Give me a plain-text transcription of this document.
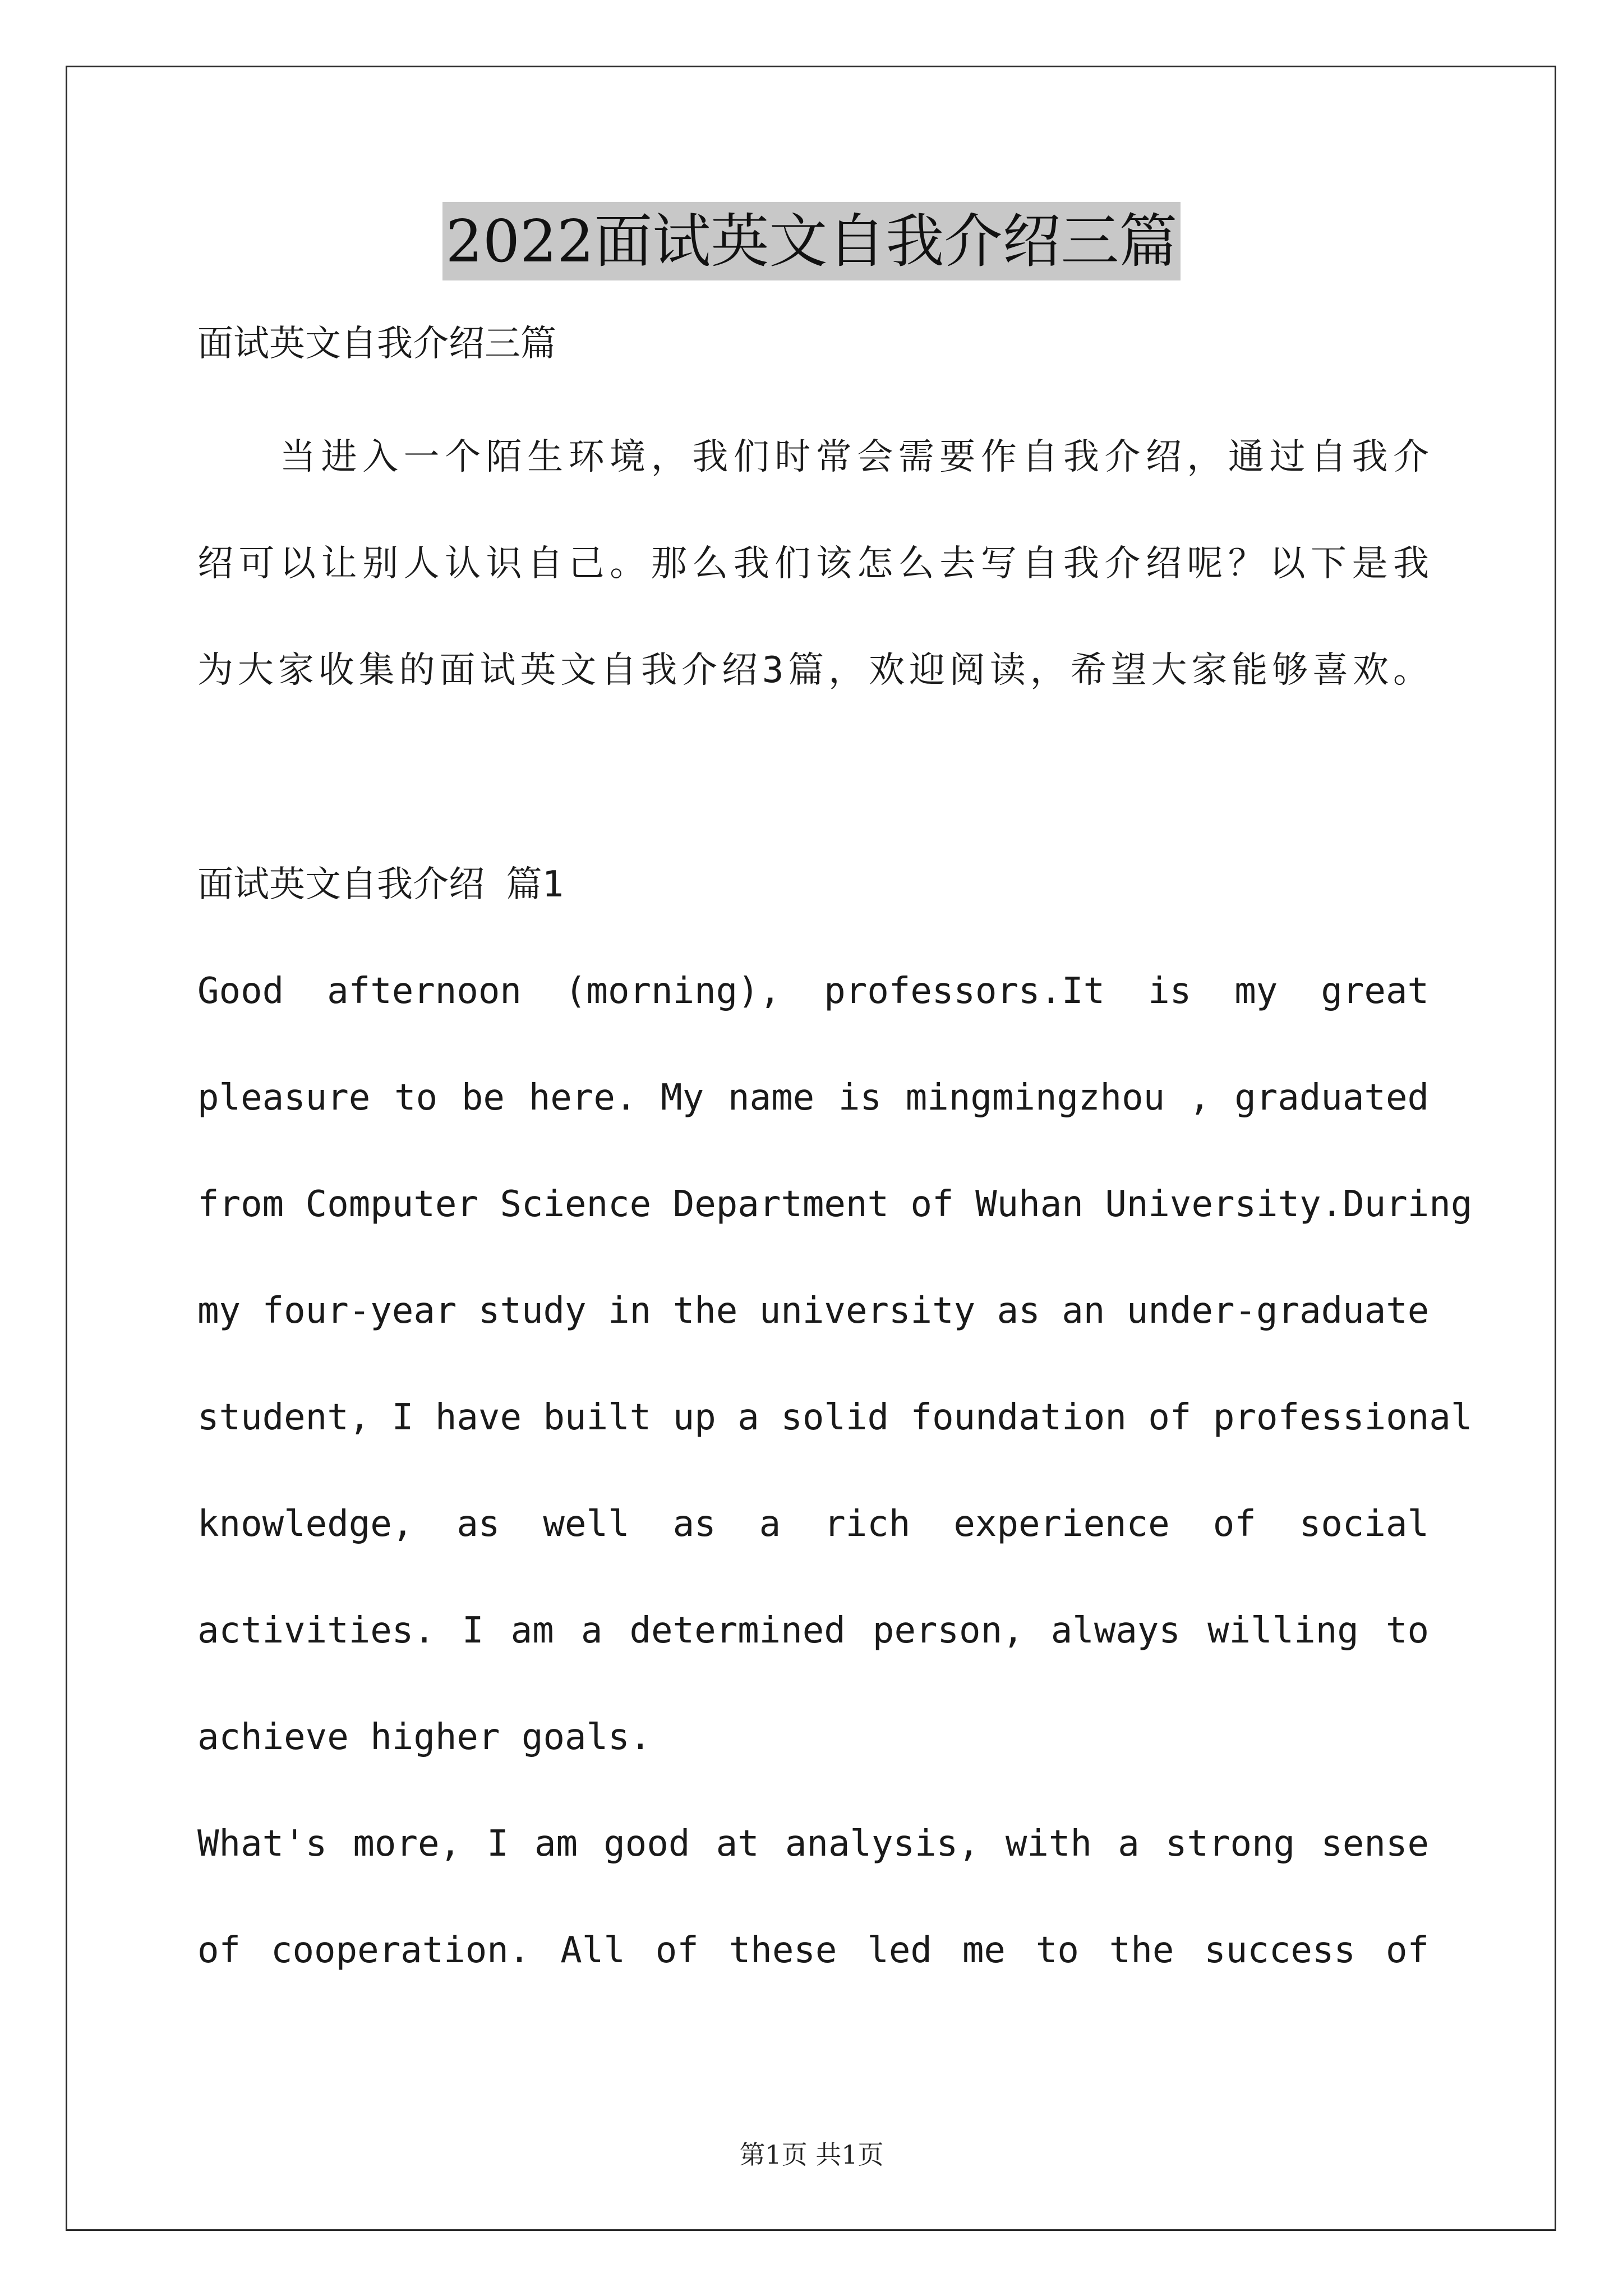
2022面试英文自我介绍三篇
面试英文自我介绍三篇
　　当进入一个陌生环境，我们时常会需要作自我介绍，通过自我介
绍可以让别人认识自己。那么我们该怎么去写自我介绍呢？以下是我
为大家收集的面试英文自我介绍3篇，欢迎阅读，希望大家能够喜欢。
面试英文自我介绍 篇1
Good afternoon (morning), professors.It is my great
pleasure to be here. My name is mingmingzhou , graduated
from Computer Science Department of Wuhan University.During
my four-year study in the university as an under-graduate
student, I have built up a solid foundation of professional
knowledge, as well as a rich experience of social
activities. I am a determined person, always willing to
achieve higher goals.
What's more, I am good at analysis, with a strong sense
of cooperation. All of these led me to the success of
第1页 共1页
